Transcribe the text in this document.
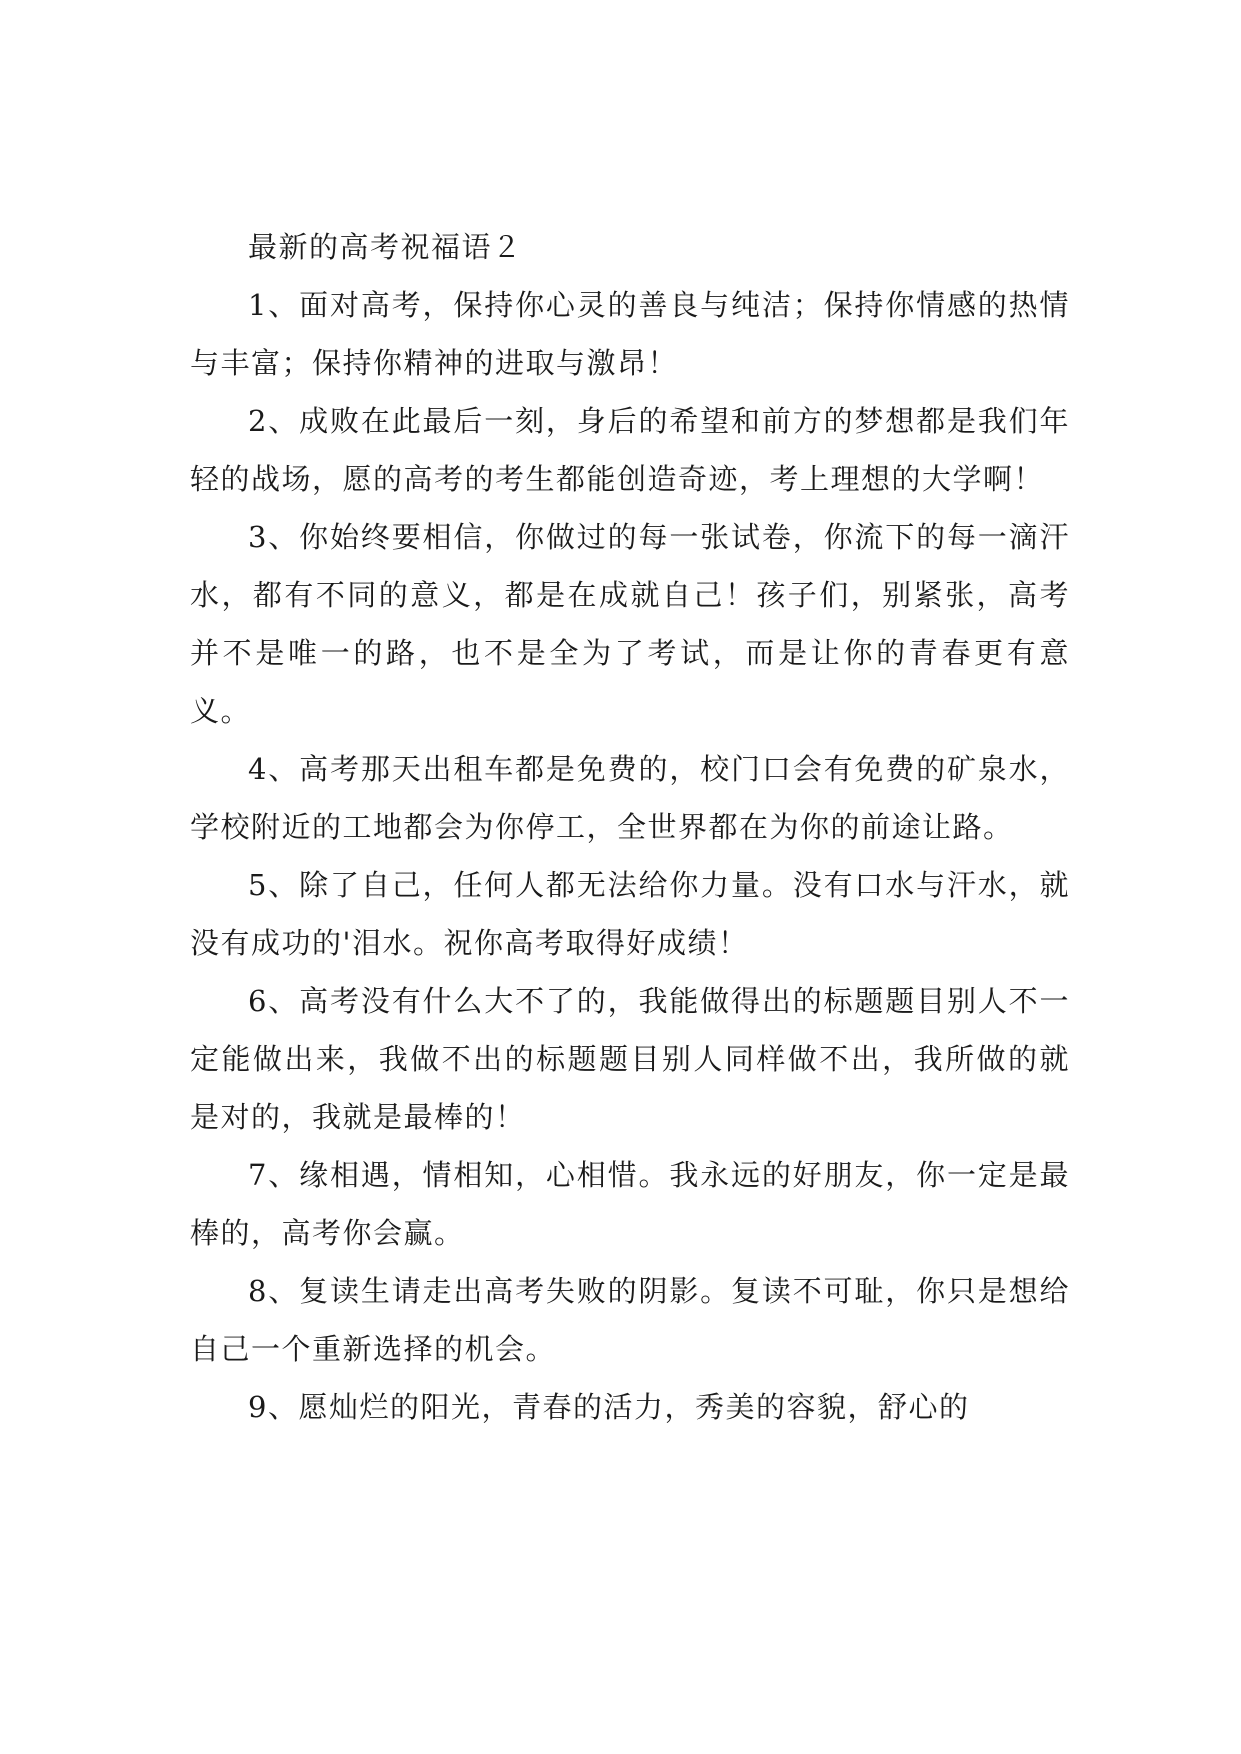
最新的高考祝福语２

1、面对高考，保持你心灵的善良与纯洁；保持你情感的热情与丰富；保持你精神的进取与激昂！

2、成败在此最后一刻，身后的希望和前方的梦想都是我们年轻的战场，愿的高考的考生都能创造奇迹，考上理想的大学啊！

3、你始终要相信，你做过的每一张试卷，你流下的每一滴汗水，都有不同的意义，都是在成就自己！孩子们，别紧张，高考并不是唯一的路，也不是全为了考试，而是让你的青春更有意义。

4、高考那天出租车都是免费的，校门口会有免费的矿泉水，学校附近的工地都会为你停工，全世界都在为你的前途让路。

5、除了自己，任何人都无法给你力量。没有口水与汗水，就没有成功的'泪水。祝你高考取得好成绩！

6、高考没有什么大不了的，我能做得出的标题题目别人不一定能做出来，我做不出的标题题目别人同样做不出，我所做的就是对的，我就是最棒的！

7、缘相遇，情相知，心相惜。我永远的好朋友，你一定是最棒的，高考你会赢。

8、复读生请走出高考失败的阴影。复读不可耻，你只是想给自己一个重新选择的机会。

9、愿灿烂的阳光，青春的活力，秀美的容貌，舒心的
